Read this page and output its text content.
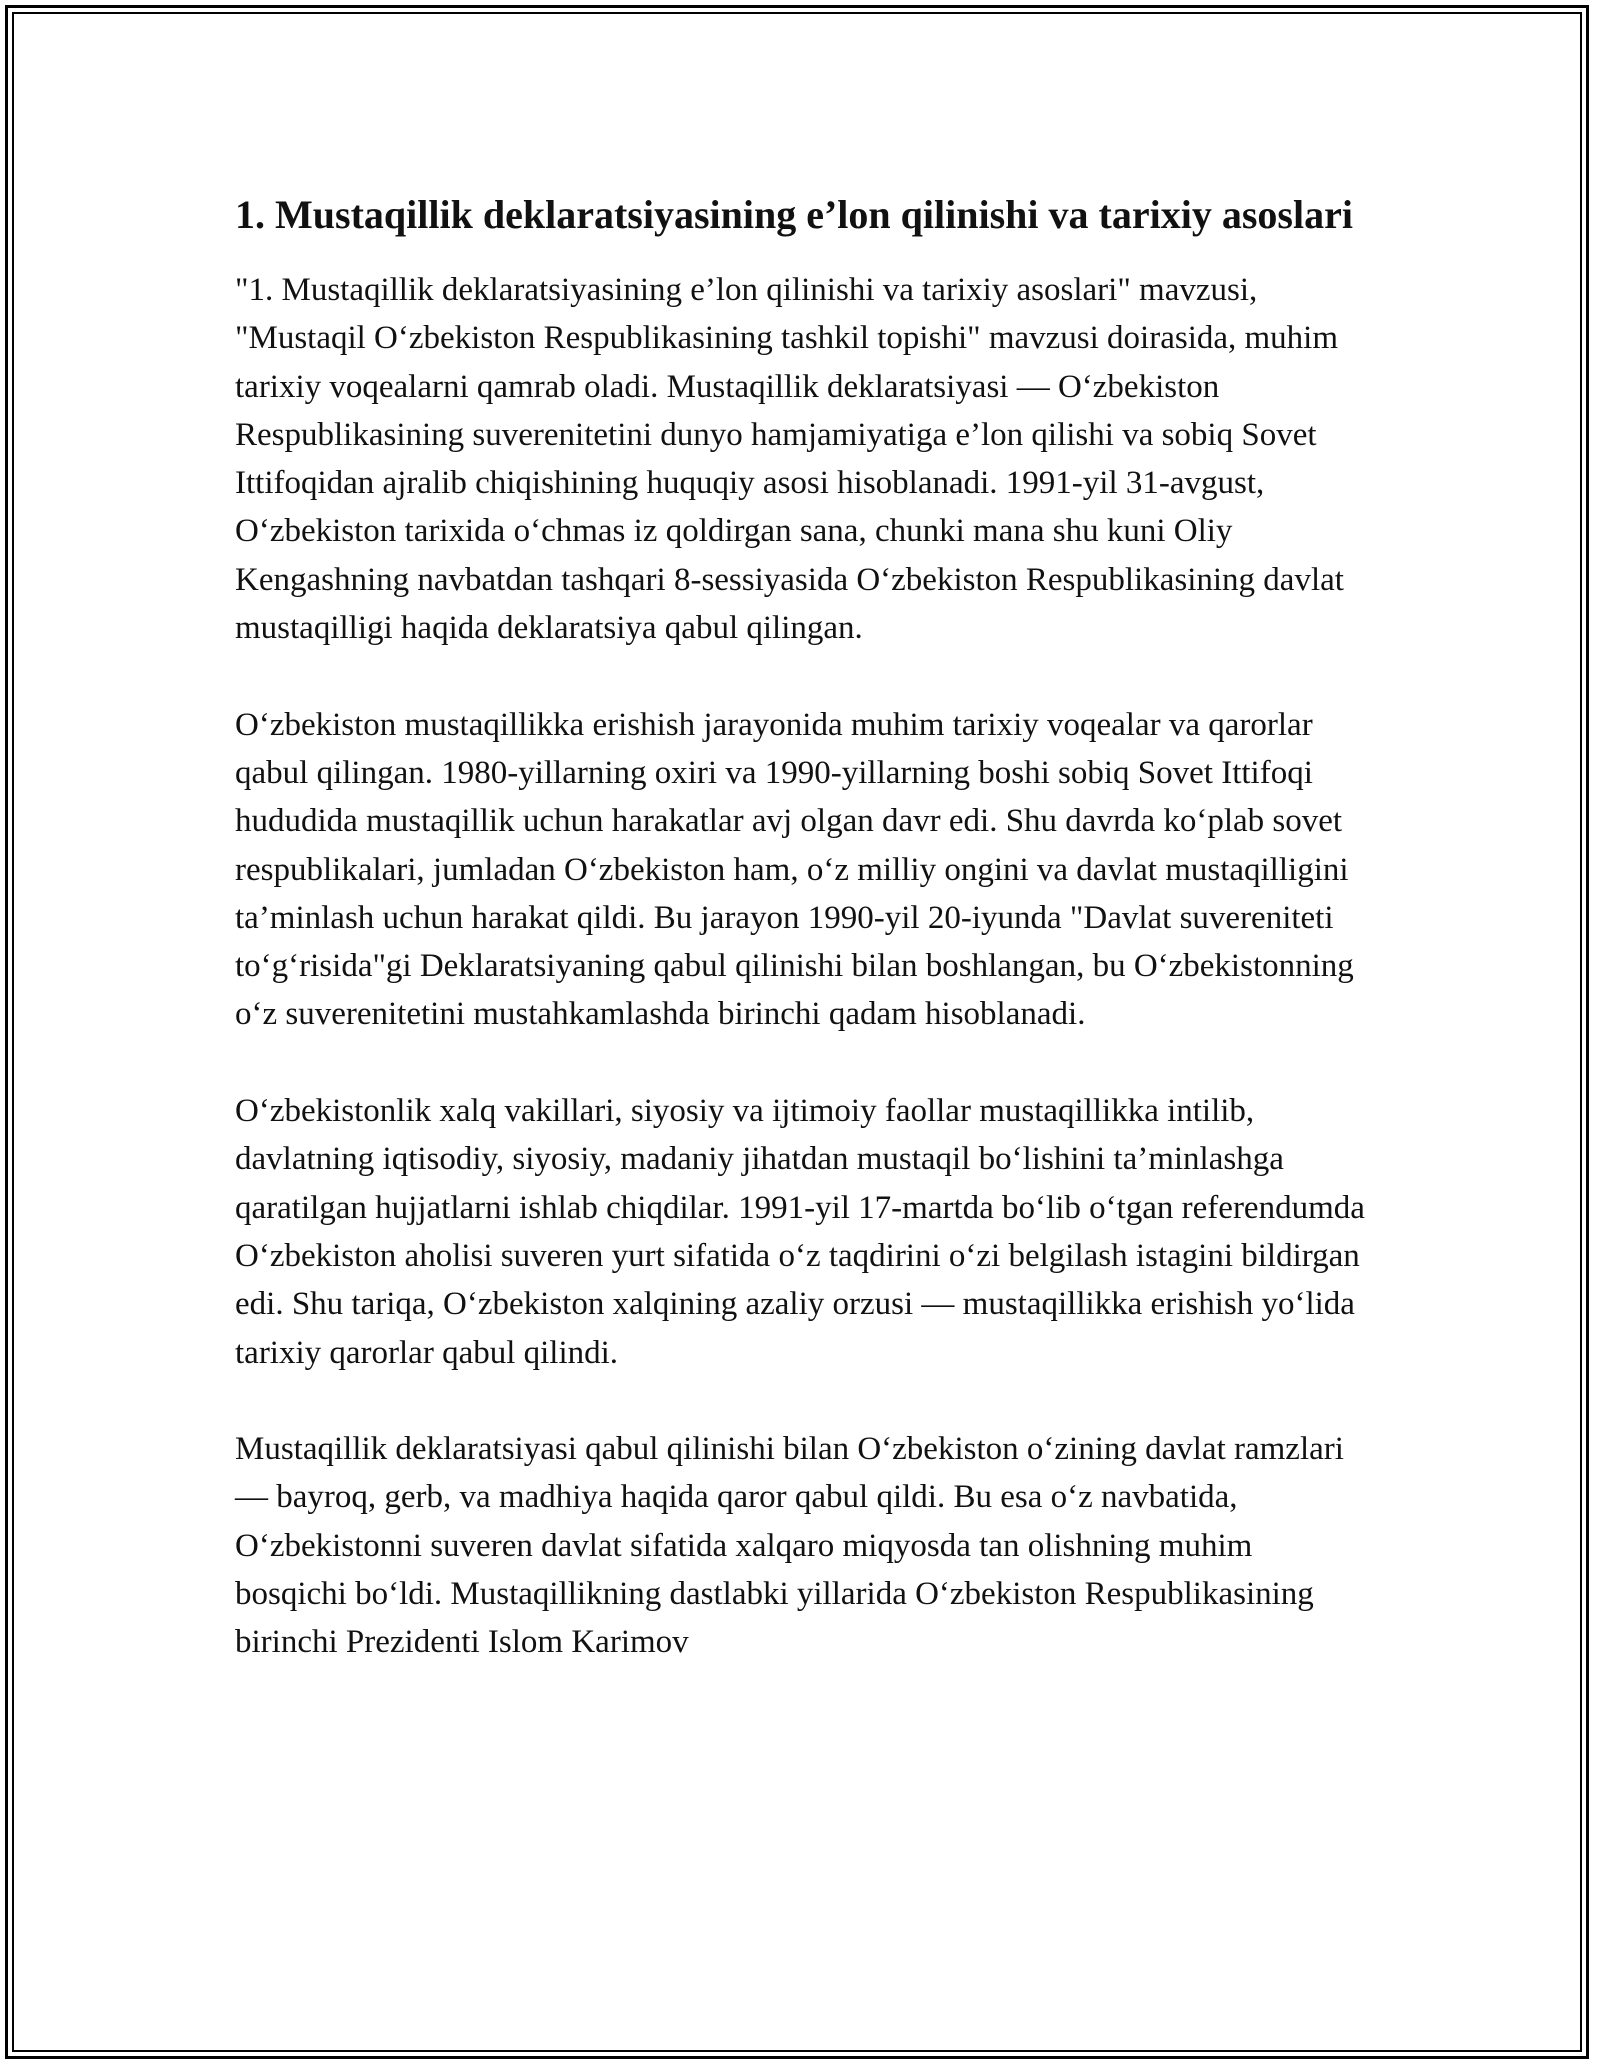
1. Mustaqillik deklaratsiyasining e’lon qilinishi va tarixiy asoslari

"1. Mustaqillik deklaratsiyasining e’lon qilinishi va tarixiy asoslari" mavzusi, "Mustaqil O‘zbekiston Respublikasining tashkil topishi" mavzusi doirasida, muhim tarixiy voqealarni qamrab oladi. Mustaqillik deklaratsiyasi — O‘zbekiston Respublikasining suverenitetini dunyo hamjamiyatiga e’lon qilishi va sobiq Sovet Ittifoqidan ajralib chiqishining huquqiy asosi hisoblanadi. 1991-yil 31-avgust, O‘zbekiston tarixida o‘chmas iz qoldirgan sana, chunki mana shu kuni Oliy Kengashning navbatdan tashqari 8-sessiyasida O‘zbekiston Respublikasining davlat mustaqilligi haqida deklaratsiya qabul qilingan.

O‘zbekiston mustaqillikka erishish jarayonida muhim tarixiy voqealar va qarorlar qabul qilingan. 1980-yillarning oxiri va 1990-yillarning boshi sobiq Sovet Ittifoqi hududida mustaqillik uchun harakatlar avj olgan davr edi. Shu davrda ko‘plab sovet respublikalari, jumladan O‘zbekiston ham, o‘z milliy ongini va davlat mustaqilligini ta’minlash uchun harakat qildi. Bu jarayon 1990-yil 20-iyunda "Davlat suvereniteti to‘g‘risida"gi Deklaratsiyaning qabul qilinishi bilan boshlangan, bu O‘zbekistonning o‘z suverenitetini mustahkamlashda birinchi qadam hisoblanadi.

O‘zbekistonlik xalq vakillari, siyosiy va ijtimoiy faollar mustaqillikka intilib, davlatning iqtisodiy, siyosiy, madaniy jihatdan mustaqil bo‘lishini ta’minlashga qaratilgan hujjatlarni ishlab chiqdilar. 1991-yil 17-martda bo‘lib o‘tgan referendumda O‘zbekiston aholisi suveren yurt sifatida o‘z taqdirini o‘zi belgilash istagini bildirgan edi. Shu tariqa, O‘zbekiston xalqining azaliy orzusi — mustaqillikka erishish yo‘lida tarixiy qarorlar qabul qilindi.

Mustaqillik deklaratsiyasi qabul qilinishi bilan O‘zbekiston o‘zining davlat ramzlari — bayroq, gerb, va madhiya haqida qaror qabul qildi. Bu esa o‘z navbatida, O‘zbekistonni suveren davlat sifatida xalqaro miqyosda tan olishning muhim bosqichi bo‘ldi. Mustaqillikning dastlabki yillarida O‘zbekiston Respublikasining birinchi Prezidenti Islom Karimov
